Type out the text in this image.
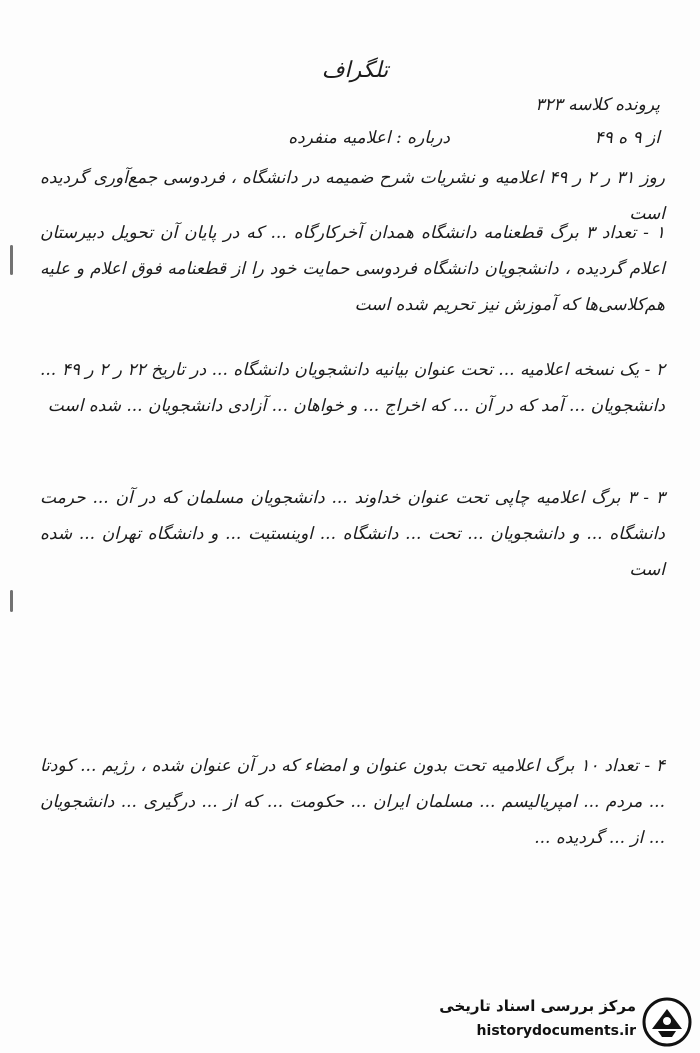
تلگراف
پرونده کلاسه ۳۲۳
از ۹ ه ۴۹
درباره : اعلامیه منفرده
روز ۳۱ ر ۲ ر ۴۹ اعلامیه و نشریات شرح ضمیمه در دانشگاه ، فردوسی جمع‌آوری گردیده است
۱ - تعداد ۳ برگ قطعنامه دانشگاه همدان آخرکارگاه ... که در پایان آن تحویل دبیرستان اعلام گردیده ، دانشجویان دانشگاه فردوسی حمایت خود را از قطعنامه فوق اعلام و علیه هم‌کلاسی‌ها که آموزش نیز تحریم شده است
۲ - یک نسخه اعلامیه ... تحت عنوان بیانیه دانشجویان دانشگاه ... در تاریخ ۲۲ ر ۲ ر ۴۹ ... دانشجویان ... آمد که در آن ... که اخراج ... و خواهان ... آزادی دانشجویان ... شده است
۳ - ۳ برگ اعلامیه چاپی تحت عنوان خداوند ... دانشجویان مسلمان که در آن ... حرمت دانشگاه ... و دانشجویان ... تحت ... دانشگاه ... اوینستیت ... و دانشگاه تهران ... شده است
۴ - تعداد ۱۰ برگ اعلامیه تحت بدون عنوان و امضاء که در آن عنوان شده ، رژیم ... کودتا ... مردم ... امپریالیسم ... مسلمان ایران ... حکومت ... که از ... درگیری ... دانشجویان ... از ... گردیده ...
مرکز بررسی اسناد تاریخی
historydocuments.ir
